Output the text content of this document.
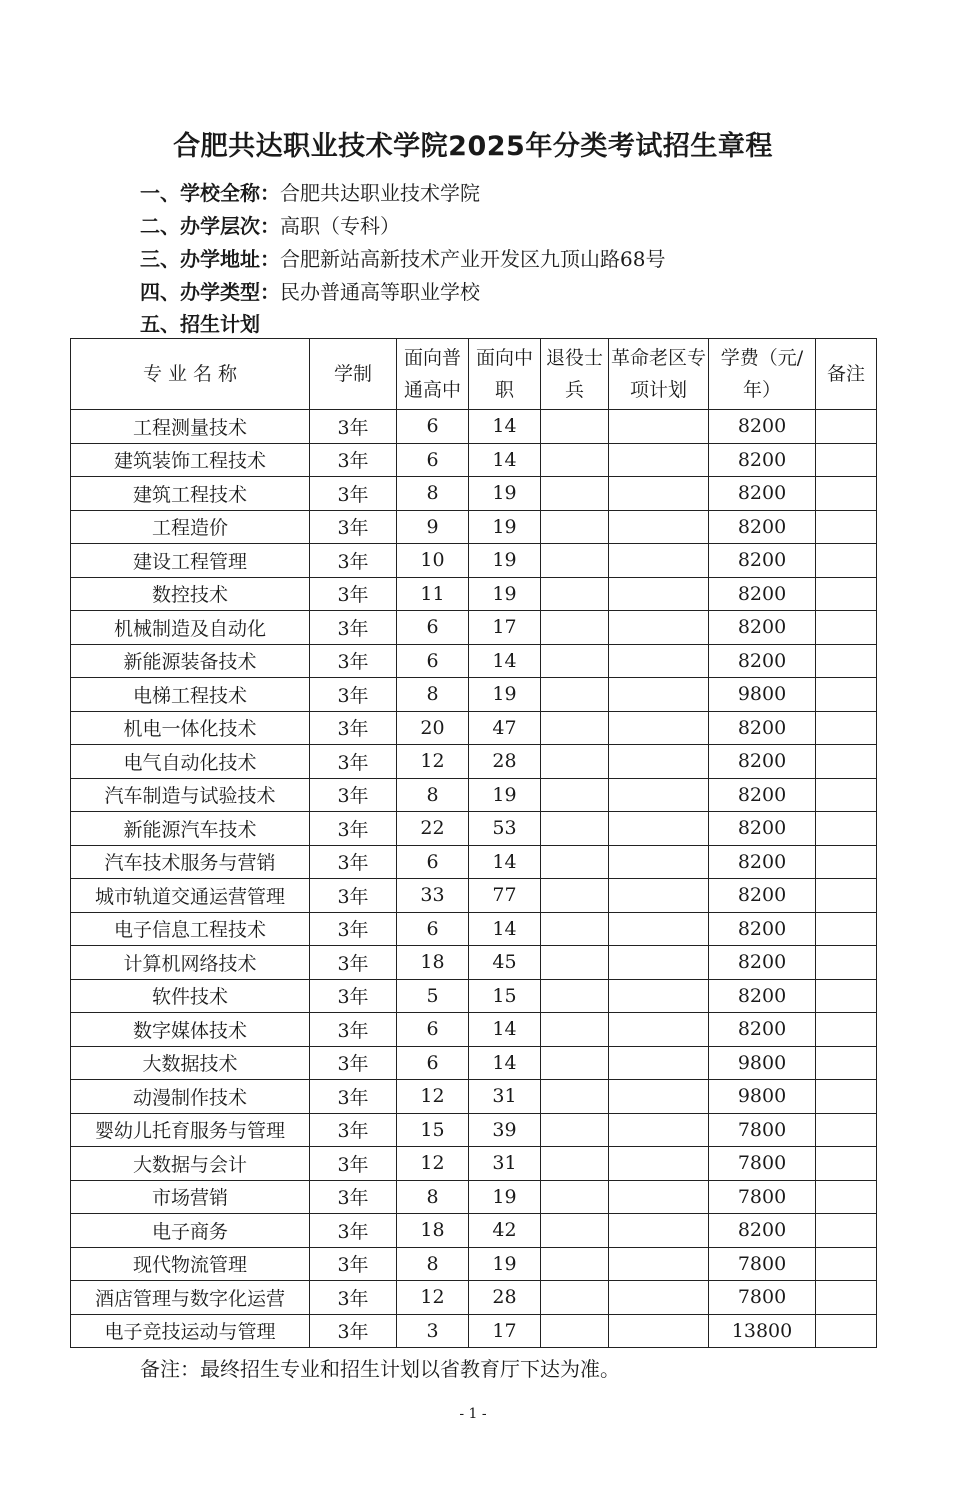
合肥共达职业技术学院2025年分类考试招生章程
一、学校全称：合肥共达职业技术学院
二、办学层次：高职（专科）
三、办学地址：合肥新站高新技术产业开发区九顶山路68号
四、办学类型：民办普通高等职业学校
五、招生计划
专 业 名 称	学制	面向普通高中	面向中职	退役士兵	革命老区专项计划	学费（元/年）	备注
工程测量技术	3年	6	14			8200	
建筑装饰工程技术	3年	6	14			8200	
建筑工程技术	3年	8	19			8200	
工程造价	3年	9	19			8200	
建设工程管理	3年	10	19			8200	
数控技术	3年	11	19			8200	
机械制造及自动化	3年	6	17			8200	
新能源装备技术	3年	6	14			8200	
电梯工程技术	3年	8	19			9800	
机电一体化技术	3年	20	47			8200	
电气自动化技术	3年	12	28			8200	
汽车制造与试验技术	3年	8	19			8200	
新能源汽车技术	3年	22	53			8200	
汽车技术服务与营销	3年	6	14			8200	
城市轨道交通运营管理	3年	33	77			8200	
电子信息工程技术	3年	6	14			8200	
计算机网络技术	3年	18	45			8200	
软件技术	3年	5	15			8200	
数字媒体技术	3年	6	14			8200	
大数据技术	3年	6	14			9800	
动漫制作技术	3年	12	31			9800	
婴幼儿托育服务与管理	3年	15	39			7800	
大数据与会计	3年	12	31			7800	
市场营销	3年	8	19			7800	
电子商务	3年	18	42			8200	
现代物流管理	3年	8	19			7800	
酒店管理与数字化运营	3年	12	28			7800	
电子竞技运动与管理	3年	3	17			13800	
备注：最终招生专业和招生计划以省教育厅下达为准。
- 1 -
